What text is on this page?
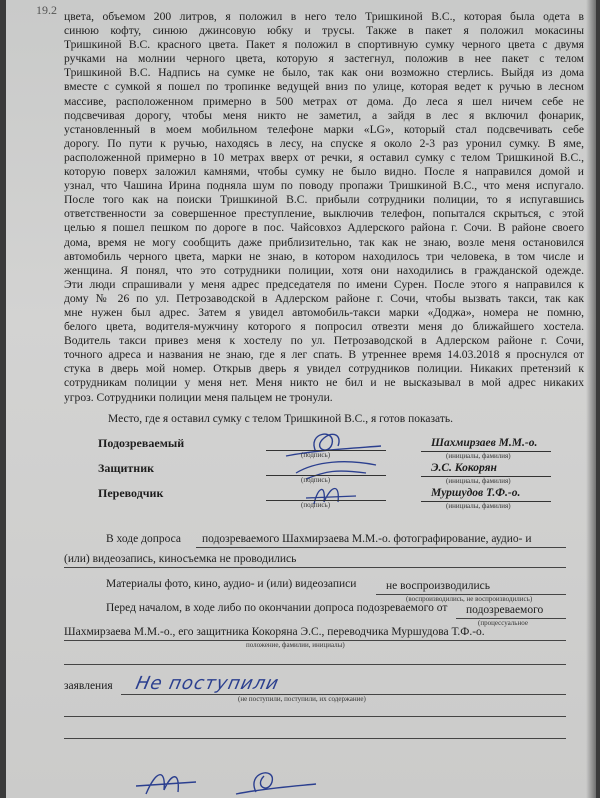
19.2 цвета, объемом 200 литров, я положил в него тело Тришкиной В.С., которая была одета в
синюю кофту, синюю джинсовую юбку и трусы. Также в пакет я положил мокасины
Тришкиной В.С. красного цвета. Пакет я положил в спортивную сумку черного цвета с двумя
ручками на молнии черного цвета, которую я застегнул, положив в нее пакет с телом
Тришкиной В.С. Надпись на сумке не было, так как они возможно стерлись. Выйдя из дома
вместе с сумкой я пошел по тропинке ведущей вниз по улице, которая ведет к ручью в лесном
массиве, расположенном примерно в 500 метрах от дома. До леса я шел ничем себе не
подсвечивая дорогу, чтобы меня никто не заметил, а зайдя в лес я включил фонарик,
установленный в моем мобильном телефоне марки «LG», который стал подсвечивать себе
дорогу. По пути к ручью, находясь в лесу, на спуске я около 2-3 раз уронил сумку. В яме,
расположенной примерно в 10 метрах вверх от речки, я оставил сумку с телом Тришкиной В.С.,
которую поверх заложил камнями, чтобы сумку не было видно. После я направился домой и
узнал, что Чашина Ирина подняла шум по поводу пропажи Тришкиной В.С., что меня испугало.
После того как на поиски Тришкиной В.С. прибыли сотрудники полиции, то я испугавшись
ответственности за совершенное преступление, выключив телефон, попытался скрыться, с этой
целью я пошел пешком по дороге в пос. Чайсовхоз Адлерского района г. Сочи. В районе своего
дома, время не могу сообщить даже приблизительно, так как не знаю, возле меня остановился
автомобиль черного цвета, марки не знаю, в котором находилось три человека, в том числе и
женщина. Я понял, что это сотрудники полиции, хотя они находились в гражданской одежде.
Эти люди спрашивали у меня адрес председателя по имени Сурен. После этого я направился к
дому № 26 по ул. Петрозаводской в Адлерском районе г. Сочи, чтобы вызвать такси, так как
мне нужен был адрес. Затем я увидел автомобиль-такси марки «Доджа», номера не помню,
белого цвета, водителя-мужчину которого я попросил отвезти меня до ближайшего хостела.
Водитель такси привез меня к хостелу по ул. Петрозаводской в Адлерском районе г. Сочи,
точного адреса и названия не знаю, где я лег спать. В утреннее время 14.03.2018 я проснулся от
стука в дверь мой номер. Открыв дверь я увидел сотрудников полиции. Никаких претензий к
сотрудникам полиции у меня нет. Меня никто не бил и не высказывал в мой адрес никаких
угроз. Сотрудники полиции меня пальцем не тронули.
Место, где я оставил сумку с телом Тришкиной В.С., я готов показать.
Подозреваемый
(подпись)
Шахмирзаев М.М.-о.
(инициалы, фамилия)
Защитник
(подпись)
Э.С. Кокорян
(инициалы, фамилия)
Переводчик
(подпись)
Муршудов Т.Ф.-о.
(инициалы, фамилия)
В ходе допроса подозреваемого Шахмирзаева М.М.-о. фотографирование, аудио- и
(или) видеозапись, киносъемка не проводились
Материалы фото, кино, аудио- и (или) видеозаписи	не воспроизводились
(воспроизводились, не воспроизводились)
Перед началом, в ходе либо по окончании допроса подозреваемого от подозреваемого
(процессуальное
Шахмирзаева М.М.-о., его защитника Кокоряна Э.С., переводчика Муршудова Т.Ф.-о.
положение, фамилии, инициалы)
заявления Не поступили
(не поступили, поступили, их содержание)
